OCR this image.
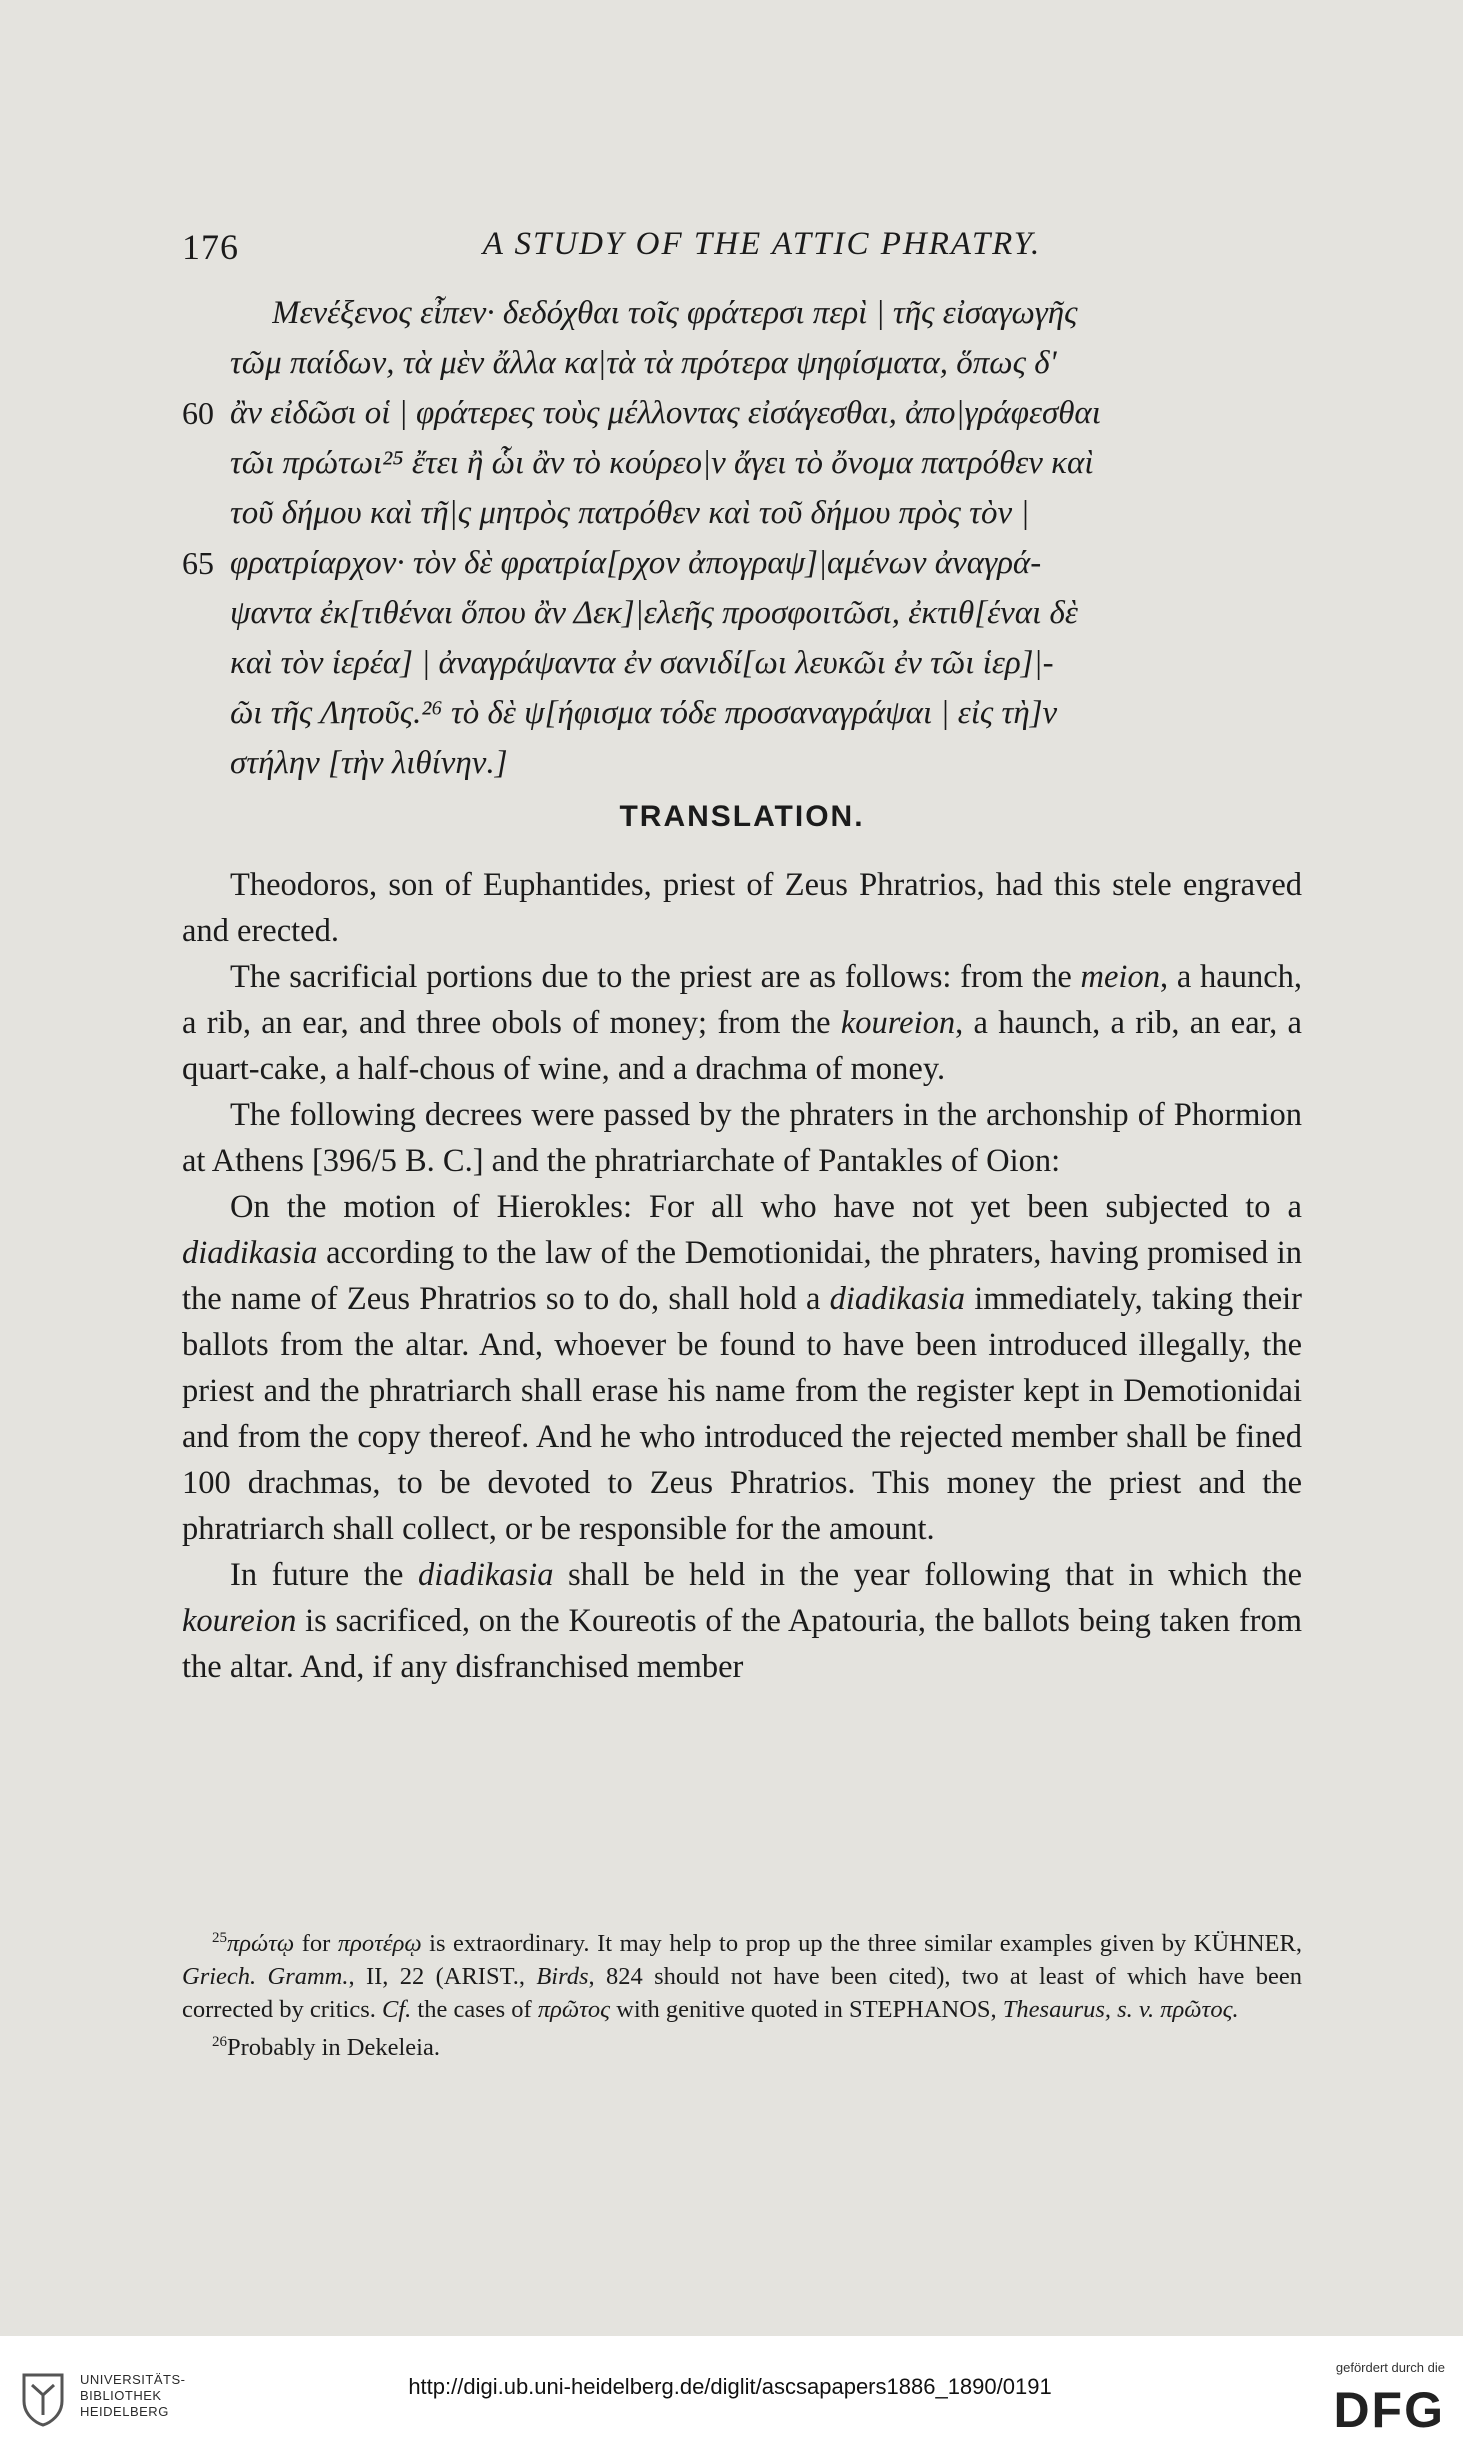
176	A STUDY OF THE ATTIC PHRATRY.
Μενέξενος εἶπεν· δεδόχθαι τοῖς φράτερσι περὶ | τῆς εἰσαγωγῆς
τῶμ παίδων, τὰ μὲν ἄλλα κα|τὰ τὰ πρότερα ψηφίσματα, ὅπως δ'
60 ἂν εἰδῶσι οἱ | φράτερες τοὺς μέλλοντας εἰσάγεσθαι, ἀπο|γράφεσθαι
τῶι πρώτωι²⁵ ἔτει ἢ ὧι ἂν τὸ κούρεο|ν ἄγει τὸ ὄνομα πατρόθεν καὶ
τοῦ δήμου καὶ τῆ|ς μητρὸς πατρόθεν καὶ τοῦ δήμου πρὸς τὸν |
65 φρατρίαρχον· τὸν δὲ φρατρία[ρχον ἀπογραψ]|αμένων ἀναγρά-
ψαντα ἐκ[τιθέναι ὅπου ἂν Δεκ]|ελεῆς προσφοιτῶσι, ἐκτιθ[έναι δὲ
καὶ τὸν ἱερέα] | ἀναγράψαντα ἐν σανιδί[ωι λευκῶι ἐν τῶι ἱερ]|-
ῶι τῆς Λητοῦς.²⁶ τὸ δὲ ψ[ήφισμα τόδε προσαναγράψαι | εἰς τὴ]ν
στήλην [τὴν λιθίνην.]
TRANSLATION.

Theodoros, son of Euphantides, priest of Zeus Phratrios, had this stele engraved and erected.

The sacrificial portions due to the priest are as follows: from the meion, a haunch, a rib, an ear, and three obols of money; from the koureion, a haunch, a rib, an ear, a quart-cake, a half-chous of wine, and a drachma of money.

The following decrees were passed by the phraters in the archonship of Phormion at Athens [396/5 B. C.] and the phratriarchate of Pantakles of Oion:

On the motion of Hierokles: For all who have not yet been subjected to a diadikasia according to the law of the Demotionidai, the phraters, having promised in the name of Zeus Phratrios so to do, shall hold a diadikasia immediately, taking their ballots from the altar. And, whoever be found to have been introduced illegally, the priest and the phratriarch shall erase his name from the register kept in Demotionidai and from the copy thereof. And he who introduced the rejected member shall be fined 100 drachmas, to be devoted to Zeus Phratrios. This money the priest and the phratriarch shall collect, or be responsible for the amount.

In future the diadikasia shall be held in the year following that in which the koureion is sacrificed, on the Koureotis of the Apatouria, the ballots being taken from the altar. And, if any disfranchised member

$^{25}$πρώτῳ for προτέρῳ is extraordinary. It may help to prop up the three similar examples given by KÜHNER, Griech. Gramm., II, 22 (ARIST., Birds, 824 should not have been cited), two at least of which have been corrected by critics. Cf. the cases of πρῶτος with genitive quoted in STEPHANOS, Thesaurus, s. v. πρῶτος.

$^{26}$Probably in Dekeleia.

UNIVERSITÄTS-
BIBLIOTHEK
HEIDELBERG
http://digi.ub.uni-heidelberg.de/diglit/ascsapapers1886_1890/0191
gefördert durch die
DFG
